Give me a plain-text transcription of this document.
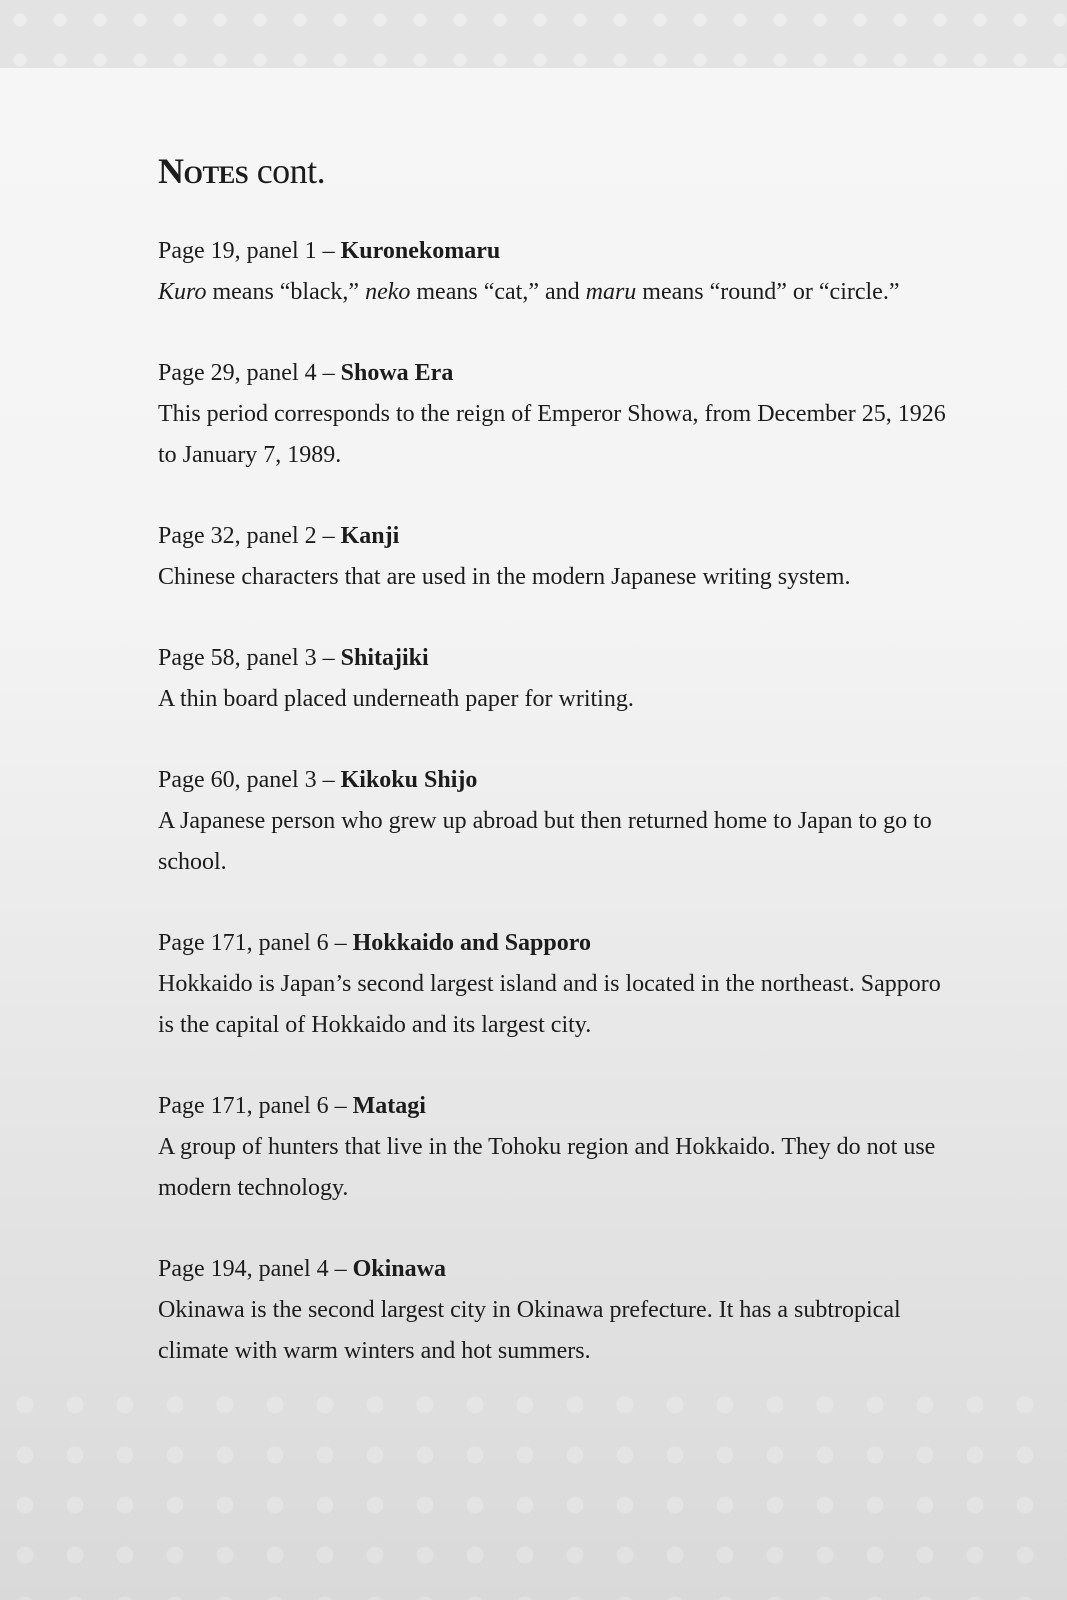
Notes cont.
Page 19, panel 1 – Kuronekomaru
Kuro means “black,” neko means “cat,” and maru means “round” or “circle.”
Page 29, panel 4 – Showa Era
This period corresponds to the reign of Emperor Showa, from December 25, 1926 to January 7, 1989.
Page 32, panel 2 – Kanji
Chinese characters that are used in the modern Japanese writing system.
Page 58, panel 3 – Shitajiki
A thin board placed underneath paper for writing.
Page 60, panel 3 – Kikoku Shijo
A Japanese person who grew up abroad but then returned home to Japan to go to school.
Page 171, panel 6 – Hokkaido and Sapporo
Hokkaido is Japan’s second largest island and is located in the northeast. Sapporo is the capital of Hokkaido and its largest city.
Page 171, panel 6 – Matagi
A group of hunters that live in the Tohoku region and Hokkaido. They do not use modern technology.
Page 194, panel 4 – Okinawa
Okinawa is the second largest city in Okinawa prefecture. It has a subtropical climate with warm winters and hot summers.
